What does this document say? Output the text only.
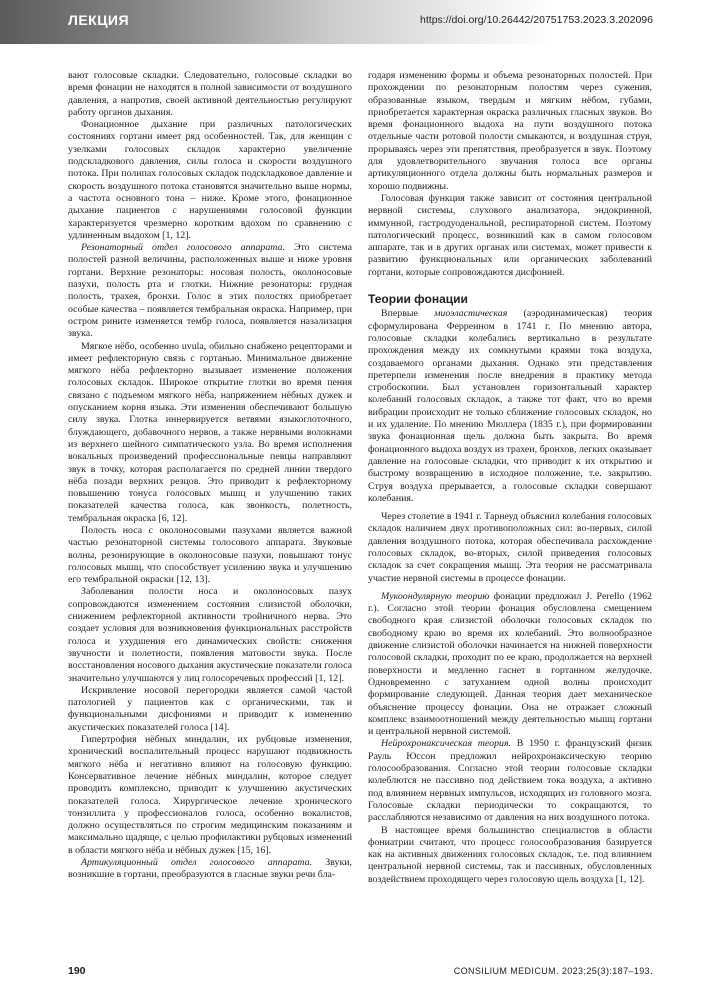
ЛЕКЦИЯ	https://doi.org/10.26442/20751753.2023.3.202096

вают голосовые складки. Следовательно, голосовые складки во время фонации не находятся в полной зависимости от воздушного давления, а напротив, своей активной деятельностью регулируют работу органов дыхания.

Фонационное дыхание при различных патологических состояниях гортани имеет ряд особенностей. Так, для женщин с узелками голосовых складок характерно увеличение подскладкового давления, силы голоса и скорости воздушного потока. При полипах голосовых складок подскладковое давление и скорость воздушного потока становятся значительно выше нормы, а частота основного тона – ниже. Кроме этого, фонационное дыхание пациентов с нарушениями голосовой функции характеризуется чрезмерно коротким вдохом по сравнению с удлиненным выдохом [1, 12].

Резонаторный отдел голосового аппарата. Это система полостей разной величины, расположенных выше и ниже уровня гортани. Верхние резонаторы: носовая полость, околоносовые пазухи, полость рта и глотки. Нижние резонаторы: грудная полость, трахея, бронхи. Голос в этих полостях приобретает особые качества – появляется тембральная окраска. Например, при остром рините изменяется тембр голоса, появляется назализация звука.

Мягкое нёбо, особенно uvula, обильно снабжено рецепторами и имеет рефлекторную связь с гортанью. Минимальное движение мягкого нёба рефлекторно вызывает изменение положения голосовых складок. Широкое открытие глотки во время пения связано с подъемом мягкого нёба, напряжением нёбных дужек и опусканием корня языка. Эти изменения обеспечивают большую силу звука. Глотка иннервируется ветвями языкоглоточного, блуждающего, добавочного нервов, а также нервными волокнами из верхнего шейного симпатического узла. Во время исполнения вокальных произведений профессиональные певцы направляют звук в точку, которая располагается по средней линии твердого нёба позади верхних резцов. Это приводит к рефлекторному повышению тонуса голосовых мышц и улучшению таких показателей качества голоса, как звонкость, полетность, тембральная окраска [6, 12].

Полость носа с околоносовыми пазухами является важной частью резонаторной системы голосового аппарата. Звуковые волны, резонирующие в околоносовые пазухи, повышают тонус голосовых мышц, что способствует усилению звука и улучшению его тембральной окраски [12, 13].

Заболевания полости носа и околоносовых пазух сопровождаются изменением состояния слизистой оболочки, снижением рефлекторной активности тройничного нерва. Это создает условия для возникновения функциональных расстройств голоса и ухудшения его динамических свойств: снижения звучности и полетности, появления матовости звука. После восстановления носового дыхания акустические показатели голоса значительно улучшаются у лиц голосоречевых профессий [1, 12].

Искривление носовой перегородки является самой частой патологией у пациентов как с органическими, так и функциональными дисфониями и приводит к изменению акустических показателей голоса [14].

Гипертрофия нёбных миндалин, их рубцовые изменения, хронический воспалительный процесс нарушают подвижность мягкого нёба и негативно влияют на голосовую функцию. Консервативное лечение нёбных миндалин, которое следует проводить комплексно, приводит к улучшению акустических показателей голоса. Хирургическое лечение хронического тонзиллита у профессионалов голоса, особенно вокалистов, должно осуществляться по строгим медицинским показаниям и максимально щадяще, с целью профилактики рубцовых изменений в области мягкого нёба и нёбных дужек [15, 16].

Артикуляционный отдел голосового аппарата. Звуки, возникшие в гортани, преобразуются в гласные звуки речи бла-

годаря изменению формы и объема резонаторных полостей. При прохождении по резонаторным полостям через сужения, образованные языком, твердым и мягким нёбом, губами, приобретается характерная окраска различных гласных звуков. Во время фонационного выдоха на пути воздушного потока отдельные части ротовой полости смыкаются, и воздушная струя, прорываясь через эти препятствия, преобразуется в звук. Поэтому для удовлетворительного звучания голоса все органы артикуляционного отдела должны быть нормальных размеров и хорошо подвижны.

Голосовая функция также зависит от состояния центральной нервной системы, слухового анализатора, эндокринной, иммунной, гастродуоденальной, респираторной систем. Поэтому патологический процесс, возникший как в самом голосовом аппарате, так и в других органах или системах, может привести к развитию функциональных или органических заболеваний гортани, которые сопровождаются дисфонией.

Теории фонации

Впервые миоэластическая (аэродинамическая) теория сформулирована Ферреином в 1741 г. По мнению автора, голосовые складки колебались вертикально в результате прохождения между их сомкнутыми краями тока воздуха, создаваемого органами дыхания. Однако эти представления претерпели изменения после внедрения в практику метода стробоскопии. Был установлен горизонтальный характер колебаний голосовых складок, а также тот факт, что во время вибрации происходит не только сближение голосовых складок, но и их удаление. По мнению Мюллера (1835 г.), при формировании звука фонационная щель должна быть закрыта. Во время фонационного выдоха воздух из трахеи, бронхов, легких оказывает давление на голосовые складки, что приводит к их открытию и быстрому возвращению в исходное положение, т.е. закрытию. Струя воздуха прерывается, а голосовые складки совершают колебания.

Через столетие в 1941 г. Тарнеуд объяснил колебания голосовых складок наличием двух противоположных сил: во-первых, силой давления воздушного потока, которая обеспечивала расхождение голосовых складок, во-вторых, силой приведения голосовых складок за счет сокращения мышц. Эта теория не рассматривала участие нервной системы в процессе фонации.

Мукоондулярную теорию фонации предложил J. Perello (1962 г.). Согласно этой теории фонация обусловлена смещением свободного края слизистой оболочки голосовых складок по свободному краю во время их колебаний. Это волнообразное движение слизистой оболочки начинается на нижней поверхности голосовой складки, проходит по ее краю, продолжается на верхней поверхности и медленно гаснет в гортанном желудочке. Одновременно с затуханием одной волны происходит формирование следующей. Данная теория дает механическое объяснение процессу фонации. Она не отражает сложный комплекс взаимоотношений между деятельностью мышц гортани и центральной нервной системой.

Нейрохронаксическая теория. В 1950 г. французский физик Рауль Юссон предложил нейрохронаксическую теорию голосообразования. Согласно этой теории голосовые складки колеблются не пассивно под действием тока воздуха, а активно под влиянием нервных импульсов, исходящих из головного мозга. Голосовые складки периодически то сокращаются, то расслабляются независимо от давления на них воздушного потока.

В настоящее время большинство специалистов в области фониатрии считают, что процесс голосообразования базируется как на активных движениях голосовых складок, т.е. под влиянием центральной нервной системы, так и пассивных, обусловленных воздействием проходящего через голосовую щель воздуха [1, 12].

190	CONSILIUM MEDICUM. 2023;25(3):187–193.
